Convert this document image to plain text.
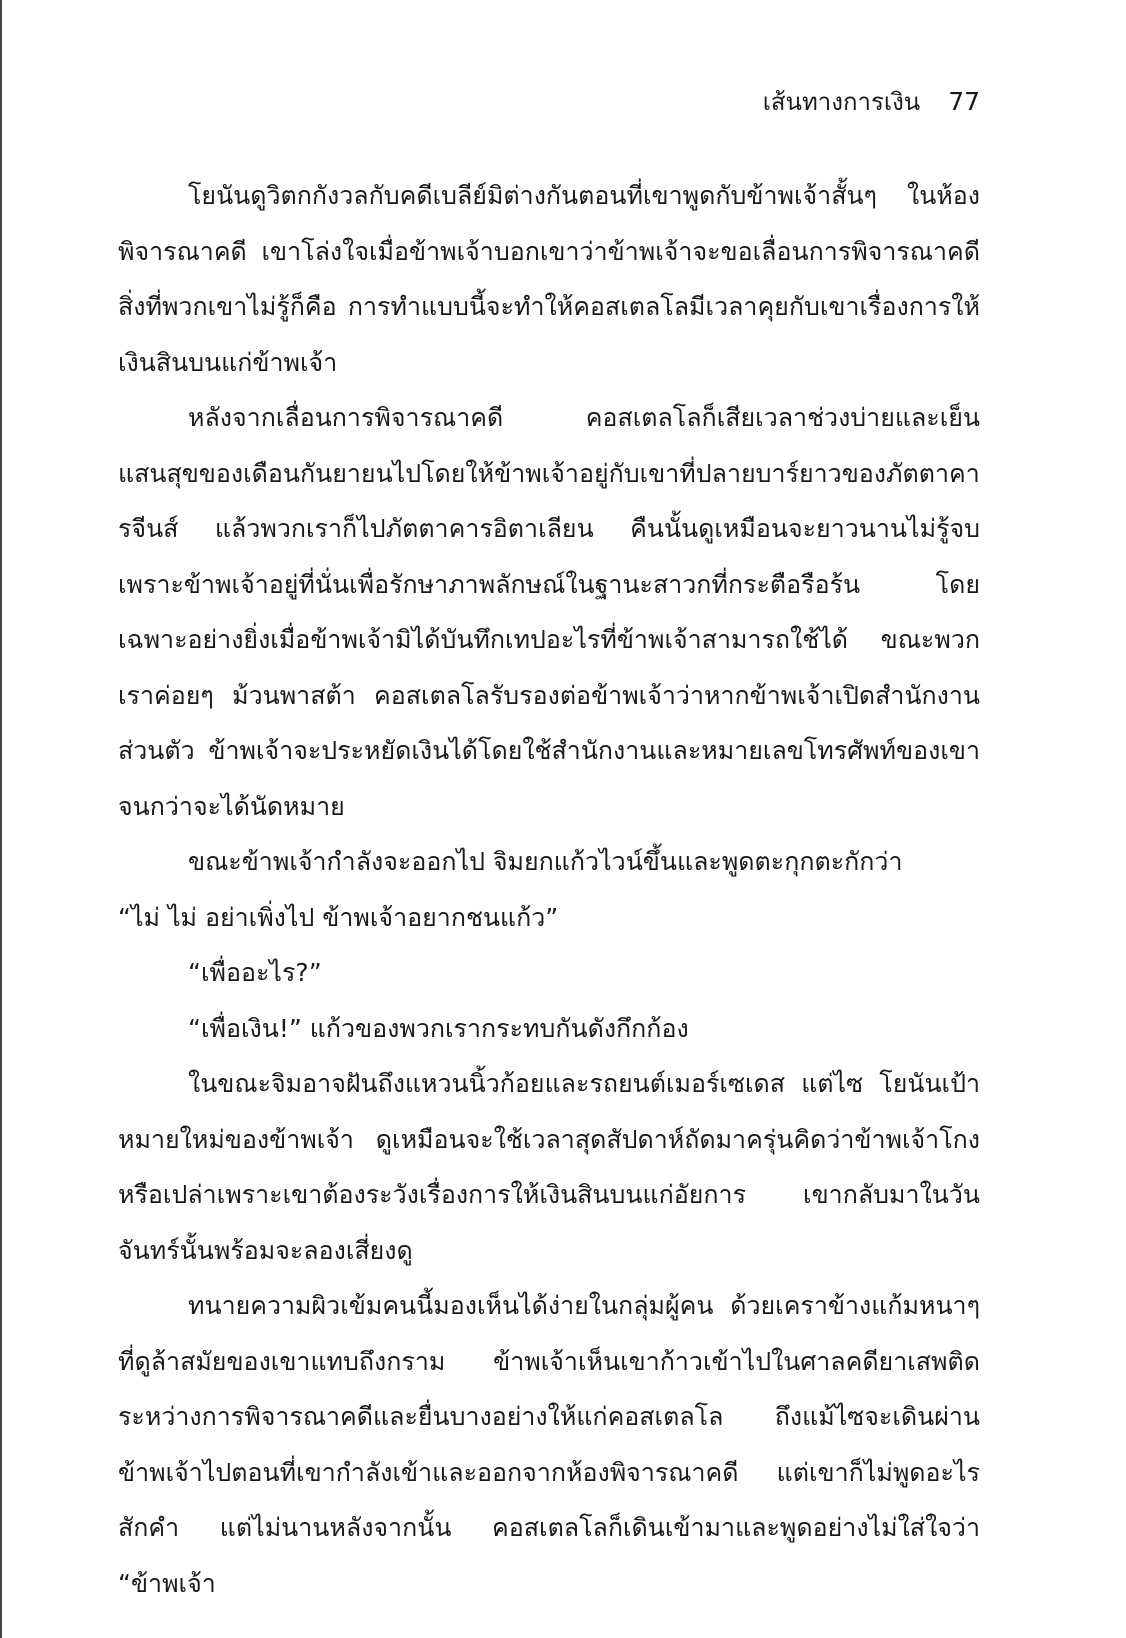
เส้นทางการเงิน 77

โยนันดูวิตกกังวลกับคดีเบลีย์มิต่างกันตอนที่เขาพูดกับข้าพเจ้าสั้นๆ ในห้องพิจารณาคดี เขาโล่งใจเมื่อข้าพเจ้าบอกเขาว่าข้าพเจ้าจะขอเลื่อนการพิจารณาคดี สิ่งที่พวกเขาไม่รู้ก็คือ การทำแบบนี้จะทำให้คอสเตลโลมีเวลาคุยกับเขาเรื่องการให้เงินสินบนแก่ข้าพเจ้า

หลังจากเลื่อนการพิจารณาคดี คอสเตลโลก็เสียเวลาช่วงบ่ายและเย็นแสนสุขของเดือนกันยายนไปโดยให้ข้าพเจ้าอยู่กับเขาที่ปลายบาร์ยาวของภัตตาคารจีนส์ แล้วพวกเราก็ไปภัตตาคารอิตาเลียน คืนนั้นดูเหมือนจะยาวนานไม่รู้จบเพราะข้าพเจ้าอยู่ที่นั่นเพื่อรักษาภาพลักษณ์ในฐานะสาวกที่กระตือรือร้น โดยเฉพาะอย่างยิ่งเมื่อข้าพเจ้ามิได้บันทึกเทปอะไรที่ข้าพเจ้าสามารถใช้ได้ ขณะพวกเราค่อยๆ ม้วนพาสต้า คอสเตลโลรับรองต่อข้าพเจ้าว่าหากข้าพเจ้าเปิดสำนักงานส่วนตัว ข้าพเจ้าจะประหยัดเงินได้โดยใช้สำนักงานและหมายเลขโทรศัพท์ของเขาจนกว่าจะได้นัดหมาย

ขณะข้าพเจ้ากำลังจะออกไป จิมยกแก้วไวน์ขึ้นและพูดตะกุกตะกักว่า

“ไม่ ไม่ อย่าเพิ่งไป ข้าพเจ้าอยากชนแก้ว”

“เพื่ออะไร?”

“เพื่อเงิน!” แก้วของพวกเรากระทบกันดังกึกก้อง

ในขณะจิมอาจฝันถึงแหวนนิ้วก้อยและรถยนต์เมอร์เซเดส แต่ไซ โยนันเป้าหมายใหม่ของข้าพเจ้า ดูเหมือนจะใช้เวลาสุดสัปดาห์ถัดมาครุ่นคิดว่าข้าพเจ้าโกงหรือเปล่าเพราะเขาต้องระวังเรื่องการให้เงินสินบนแก่อัยการ เขากลับมาในวันจันทร์นั้นพร้อมจะลองเสี่ยงดู

ทนายความผิวเข้มคนนี้มองเห็นได้ง่ายในกลุ่มผู้คน ด้วยเคราข้างแก้มหนาๆ ที่ดูล้าสมัยของเขาแทบถึงกราม ข้าพเจ้าเห็นเขาก้าวเข้าไปในศาลคดียาเสพติดระหว่างการพิจารณาคดีและยื่นบางอย่างให้แก่คอสเตลโล ถึงแม้ไซจะเดินผ่านข้าพเจ้าไปตอนที่เขากำลังเข้าและออกจากห้องพิจารณาคดี แต่เขาก็ไม่พูดอะไรสักคำ แต่ไม่นานหลังจากนั้น คอสเตลโลก็เดินเข้ามาและพูดอย่างไม่ใส่ใจว่า “ข้าพเจ้า
